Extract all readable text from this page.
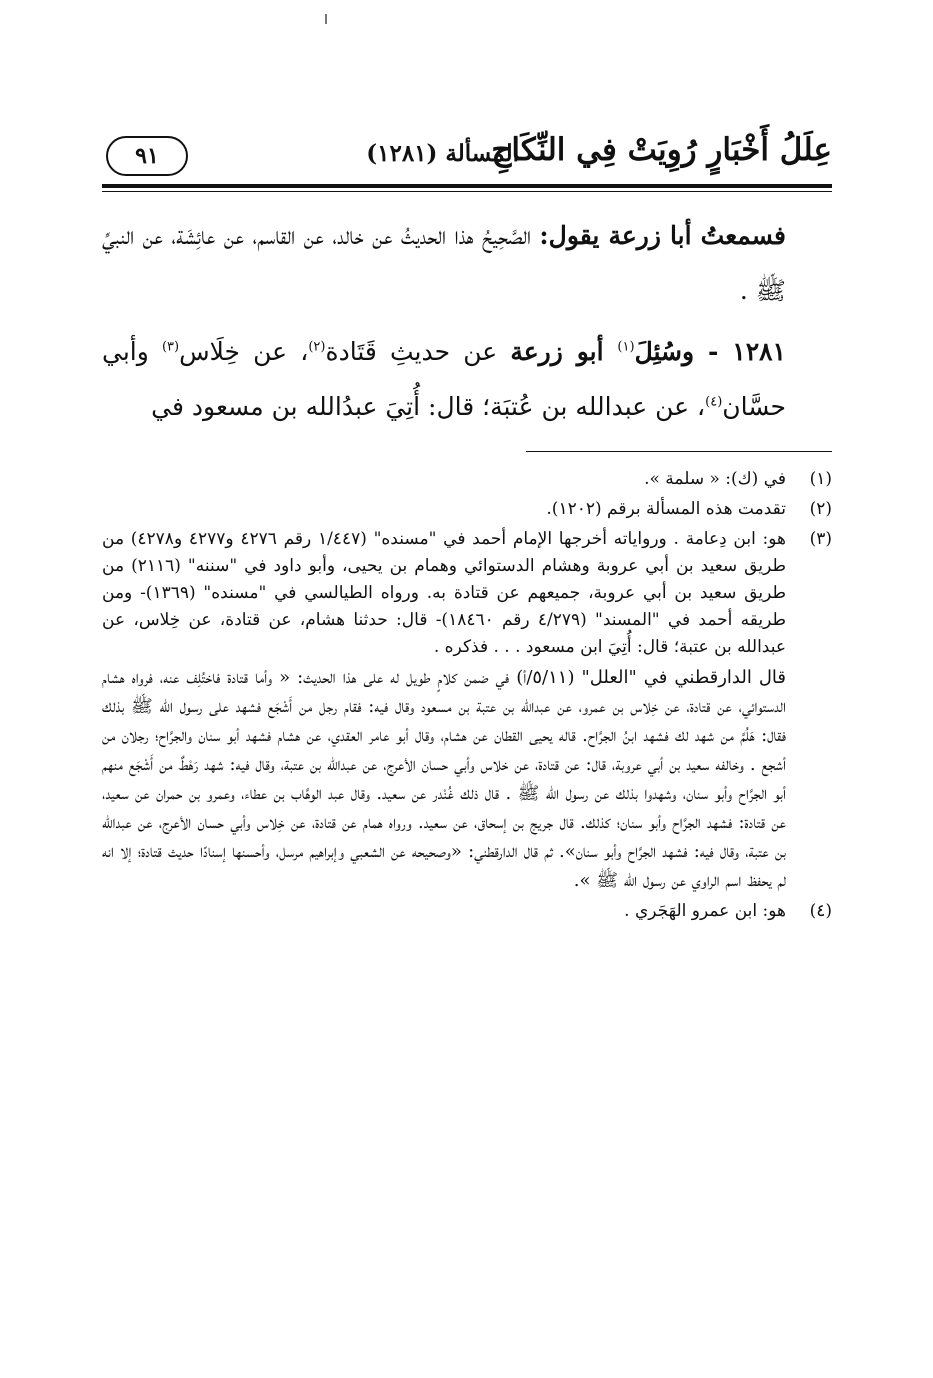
عِلَلُ أَخْبَارٍ رُوِيَتْ فِي النِّكَاحِ
المسألة (١٢٨١)
٩١

فسمعتُ أبا زرعة يقول: الصَّحِيحُ هذا الحديثُ عن خالد، عن القاسم، عن عائِشَة، عن النبيِّ ﷺ .

١٢٨١ - وسُئِلَ$^{(١)}$ أبو زرعة عن حديثِ قَتَادة$^{(٢)}$، عن خِلَاس$^{(٣)}$ وأبي حسَّان$^{(٤)}$، عن عبدالله بن عُتبَة؛ قال: أُتِيَ عبدُالله بن مسعود في

(١)

في (ك): « سلمة ».

(٢)

تقدمت هذه المسألة برقم (١٢٠٢).

(٣)

هو: ابن دِعامة . ورواياته أخرجها الإمام أحمد في "مسنده" (١/٤٤٧ رقم ٤٢٧٦ و٤٢٧٧ و٤٢٧٨) من طريق سعيد بن أبي عروبة وهشام الدستوائي وهمام بن يحيى، وأبو داود في "سننه" (٢١١٦) من طريق سعيد بن أبي عروبة، جميعهم عن قتادة به. ورواه الطيالسي في "مسنده" (١٣٦٩)- ومن طريقه أحمد في "المسند" (٤/٢٧٩ رقم ١٨٤٦٠)- قال: حدثنا هشام، عن قتادة، عن خِلاس، عن عبدالله بن عتبة؛ قال: أُتِيَ ابن مسعود . . . فذكره .

قال الدارقطني في "العلل" (٥/١١/أ) في ضمن كلامٍ طويل له على هذا الحديث: « وأما قتادة فاختُلِف عنه، فرواه هشام الدستوائي، عن قتادة، عن خِلاس بن عمرو، عن عبدالله بن عتبة بن مسعود وقال فيه: فقام رجل من أَشْجَع فشهد على رسول الله ﷺ بذلك فقال: هَلُمَّ من شهد لك فشهد ابنُ الجرَّاح. قاله يحيى القطان عن هشام، وقال أبو عامر العقدي، عن هشام فشهد أبو سنان والجرَّاح؛ رجلان من أشجع . وخالفه سعيد بن أبي عروبة، قال: عن قتادة، عن خلاس وأبي حسان الأعرج، عن عبدالله بن عتبة، وقال فيه: شهد رَهْطٌ من أَشْجَع منهم أبو الجرَّاح وأبو سنان، وشهدوا بذلك عن رسول الله ﷺ . قال ذلك غُنْدر عن سعيد. وقال عبد الوهَّاب بن عطاء، وعمرو بن حمران عن سعيد، عن قتادة: فشهد الجرَّاح وأبو سنان؛ كذلك. قال جريج بن إسحاق، عن سعيد. ورواه همام عن قتادة، عن خِلاس وأبي حسان الأعرج، عن عبدالله بن عتبة، وقال فيه: فشهد الجرَّاح وأبو سنان». ثم قال الدارقطني: «وصحيحه عن الشعبي وإبراهيم مرسل، وأحسنها إسنادًا حديث قتادة؛ إلا انه لم يحفظ اسم الراوي عن رسول الله ﷺ ».

(٤)

هو: ابن عمرو الهَجَري .
